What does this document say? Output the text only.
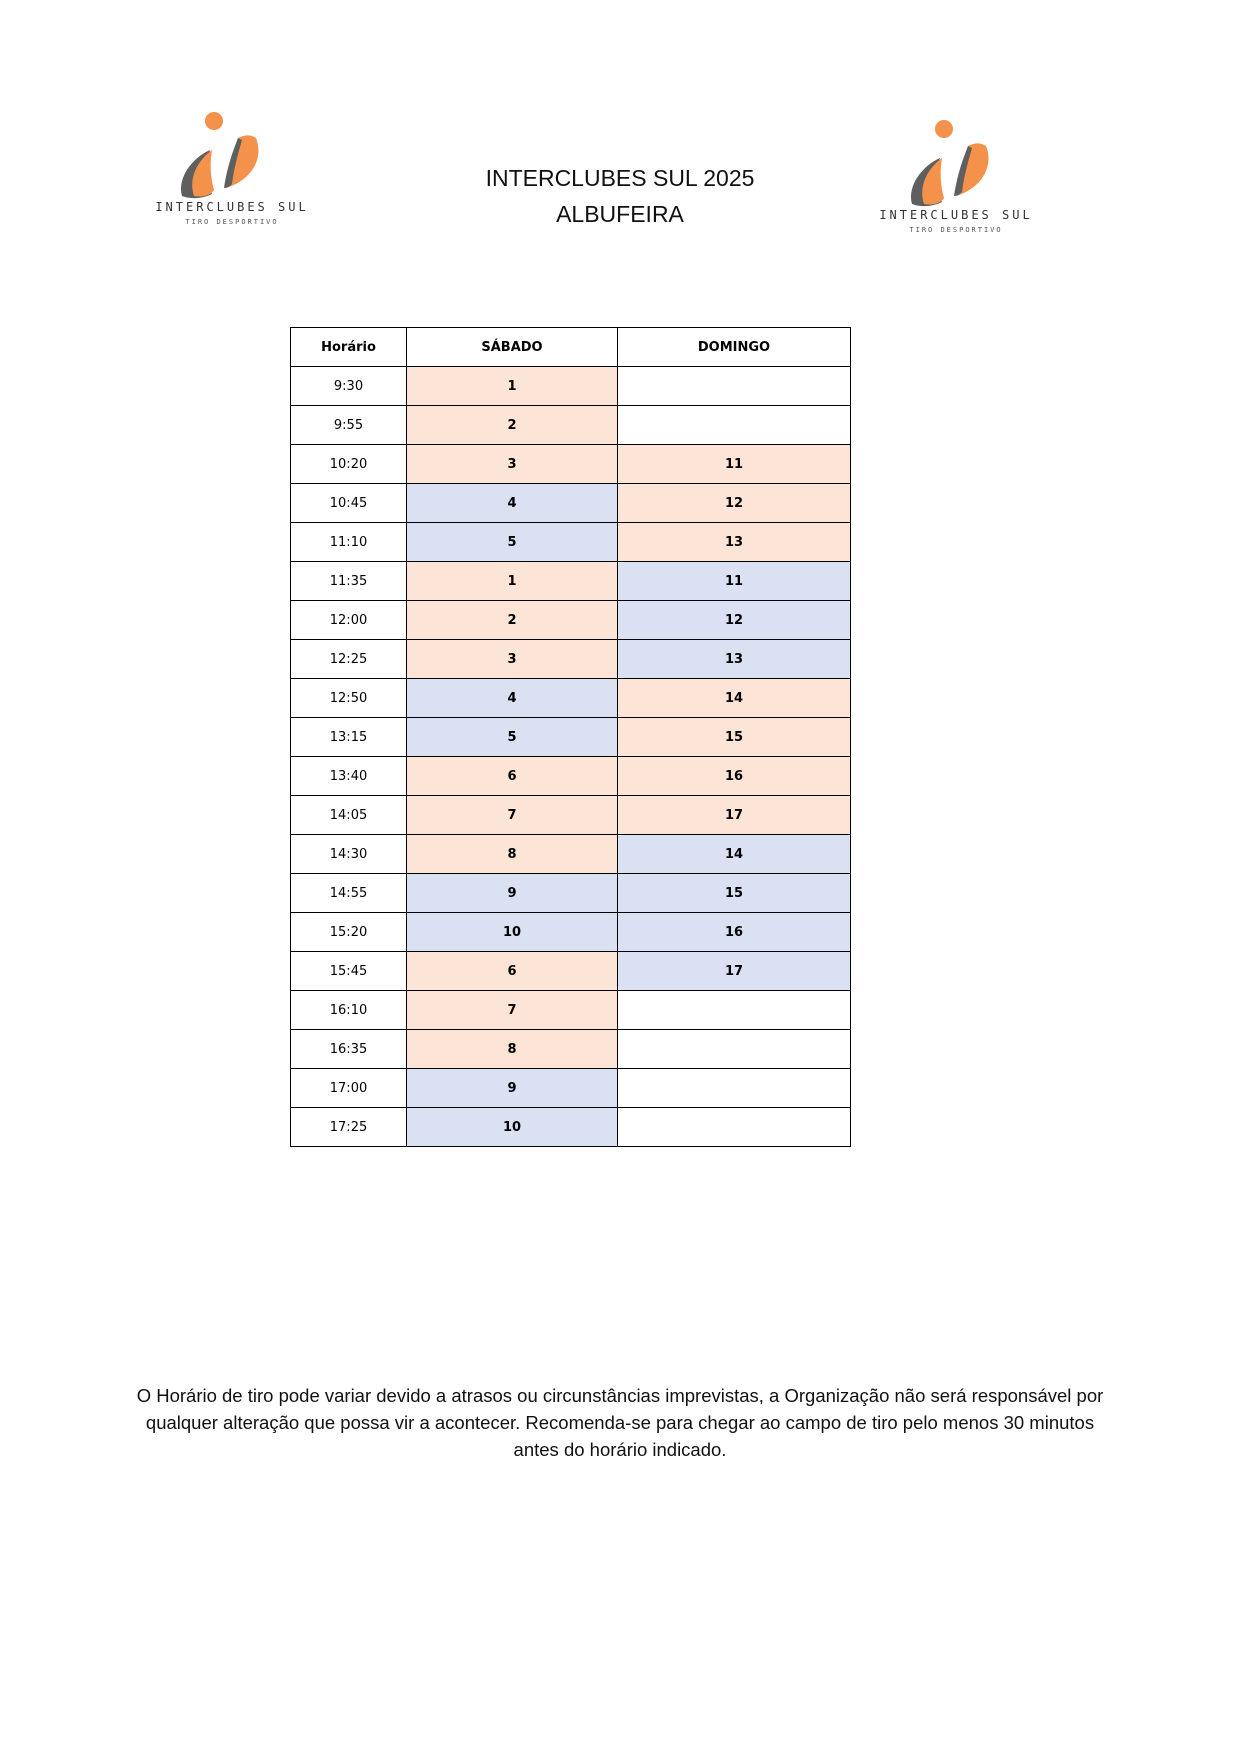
INTERCLUBES SUL
TIRO DESPORTIVO	INTERCLUBES SUL
TIRO DESPORTIVO
INTERCLUBES SUL 2025
ALBUFEIRA
Horário	SÁBADO	DOMINGO
9:30	1	
9:55	2	
10:20	3	11
10:45	4	12
11:10	5	13
11:35	1	11
12:00	2	12
12:25	3	13
12:50	4	14
13:15	5	15
13:40	6	16
14:05	7	17
14:30	8	14
14:55	9	15
15:20	10	16
15:45	6	17
16:10	7	
16:35	8	
17:00	9	
17:25	10	
O Horário de tiro pode variar devido a atrasos ou circunstâncias imprevistas, a Organização não será responsável por
qualquer alteração que possa vir a acontecer. Recomenda-se para chegar ao campo de tiro pelo menos 30 minutos
antes do horário indicado.
